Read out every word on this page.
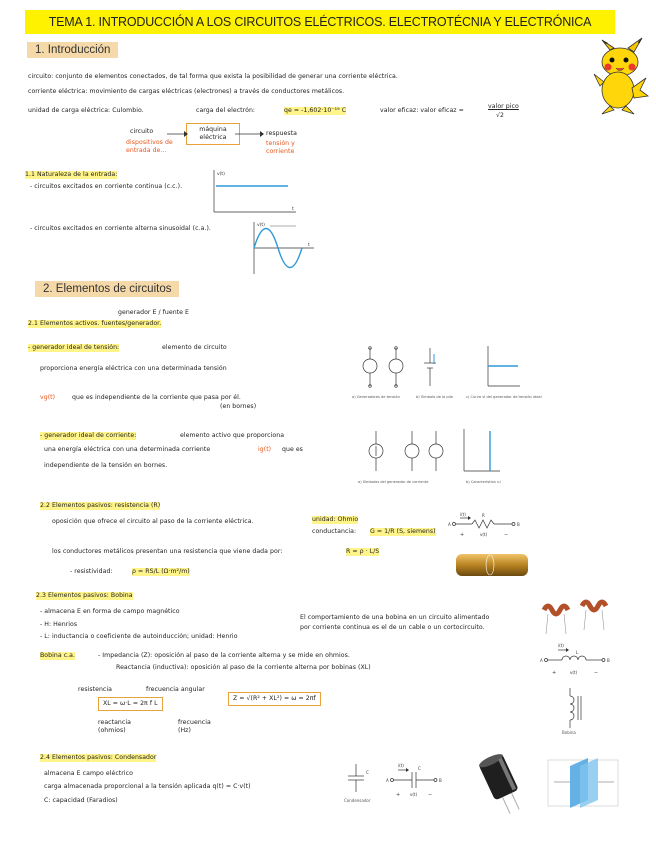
TEMA 1. INTRODUCCIÓN A LOS CIRCUITOS ELÉCTRICOS. ELECTROTÉCNIA Y ELECTRÓNICA
1. Introducción
circuito: conjunto de elementos conectados, de tal forma que exista la posibilidad de generar una corriente eléctrica.
corriente eléctrica: movimiento de cargas eléctricas (electrones) a través de conductores metálicos.
unidad de carga eléctrica: Culombio.	carga del electrón:	qe = -1,602·10⁻¹⁹ C	valor eficaz: valor eficaz =
valor pico
√2
circuito
dispositivos de entrada de...
máquina eléctrica
respuesta
tensión y corriente
1.1 Naturaleza de la entrada:
- circuitos excitados en corriente continua (c.c.).
- circuitos excitados en corriente alterna sinusoidal (c.a.).
v(t)
t
v(t)
t
2. Elementos de circuitos
generador E / fuente E
2.1 Elementos activos. fuentes/generador.
- generador ideal de tensión:	elemento de circuito
proporciona energía eléctrica con una determinada tensión
vg(t)	que es independiente de la corriente que pasa por él.
(en bornes)
a) Generadores de tensión	b) Símbolo de la pila	c) Curva vi del generador de tensión ideal
- generador ideal de corriente:	elemento activo que proporciona
una energía eléctrica con una determinada corriente	ig(t) que es
independiente de la tensión en bornes.
a) Símbolos del generador de corriente	b) Característica v-i
2.2 Elementos pasivos: resistencia (R)
oposición que ofrece el circuito al paso de la corriente eléctrica.	unidad: Ohmio
conductancia: G = 1/R (S, siemens)
los conductores metálicos presentan una resistencia que viene dada por:	R = ρ · L/S
- resistividad:	ρ = RS/L (Ω·m²/m)
i(t)	R
A	B
+	v(t)	−
2.3 Elementos pasivos: Bobina
- almacena E en forma de campo magnético
- H: Henrios
- L: inductancia o coeficiente de autoinducción; unidad: Henrio
El comportamiento de una bobina en un circuito alimentado
por corriente continua es el de un cable o un cortocircuito.
Bobina c.a.	- Impedancia (Z): oposición al paso de la corriente alterna y se mide en ohmios.
Reactancia (inductiva): oposición al paso de la corriente alterna por bobinas (XL)
resistencia	frecuencia angular
XL = ω·L = 2π f L
reactancia (ohmios)
frecuencia (Hz)
Z = √(R² + XL²) = ω = 2πf
i(t)
L
A	B
+	v(t)	−
Bobina
2.4 Elementos pasivos: Condensador
almacena E campo eléctrico
carga almacenada proporcional a la tensión aplicada q(t) = C·v(t)
C: capacidad (Faradios)
C
Condensador
i(t)
C
A	B
+ v(t) −
